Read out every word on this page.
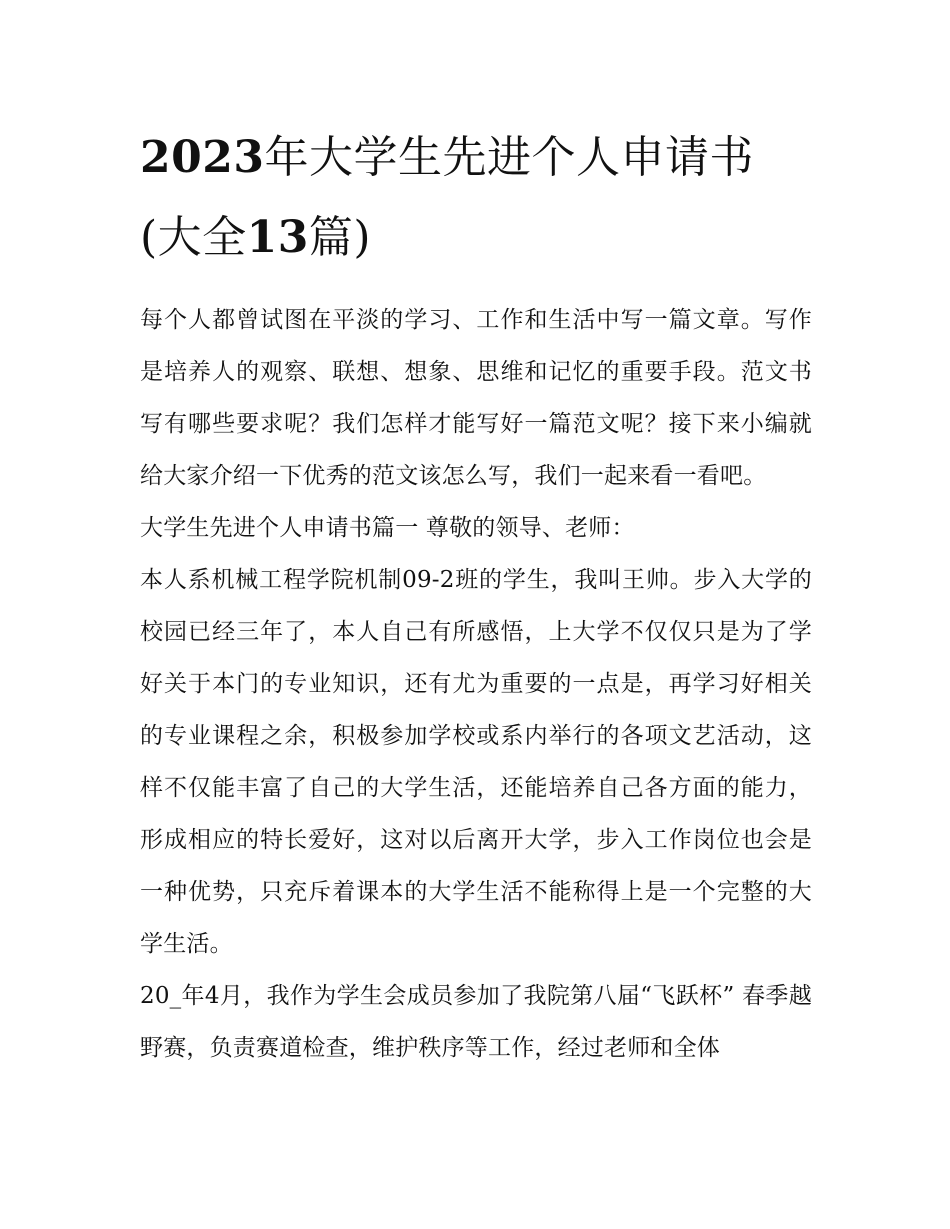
2023年大学生先进个人申请书(大全13篇)

每个人都曾试图在平淡的学习、工作和生活中写一篇文章。写作是培养人的观察、联想、想象、思维和记忆的重要手段。范文书写有哪些要求呢？我们怎样才能写好一篇范文呢？接下来小编就给大家介绍一下优秀的范文该怎么写，我们一起来看一看吧。

大学生先进个人申请书篇一 尊敬的领导、老师：

本人系机械工程学院机制09-2班的学生，我叫王帅。步入大学的校园已经三年了，本人自己有所感悟，上大学不仅仅只是为了学好关于本门的专业知识，还有尤为重要的一点是，再学习好相关的专业课程之余，积极参加学校或系内举行的各项文艺活动，这样不仅能丰富了自己的大学生活，还能培养自己各方面的能力，形成相应的特长爱好，这对以后离开大学，步入工作岗位也会是一种优势，只充斥着课本的大学生活不能称得上是一个完整的大学生活。

20_年4月，我作为学生会成员参加了我院第八届“飞跃杯” 春季越野赛，负责赛道检查，维护秩序等工作，经过老师和全体
